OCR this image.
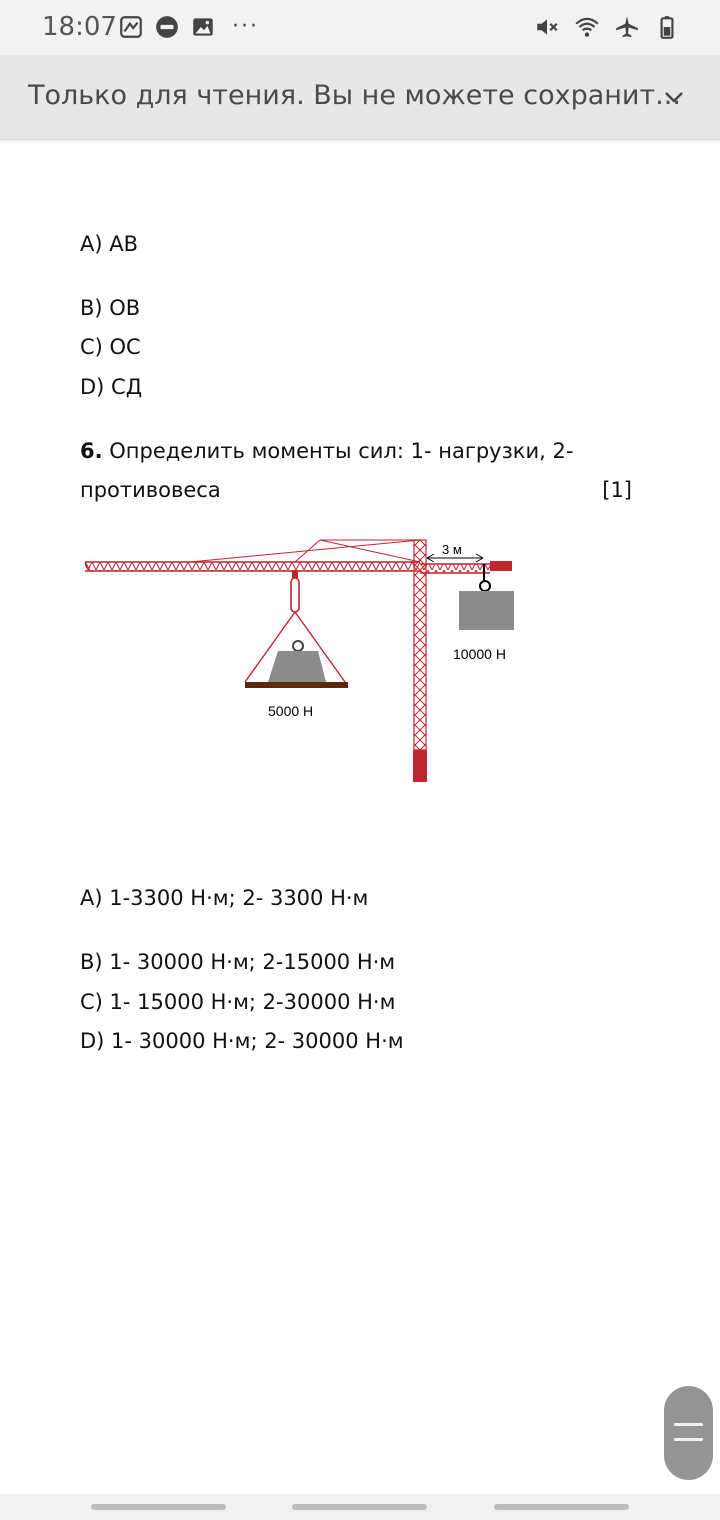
18:07	···
Только для чтения. Вы не можете сохранит...
A) AB
B) OB
C) OC
D) СД
6. Определить моменты сил: 1- нагрузки, 2-
противовеса	[1]
A) 1-3300 Н·м; 2- 3300 Н·м
B) 1- 30000 Н·м; 2-15000 Н·м
C) 1- 15000 Н·м; 2-30000 Н·м
D) 1- 30000 Н·м; 2- 30000 Н·м
3 м
10000 Н
5000 Н
